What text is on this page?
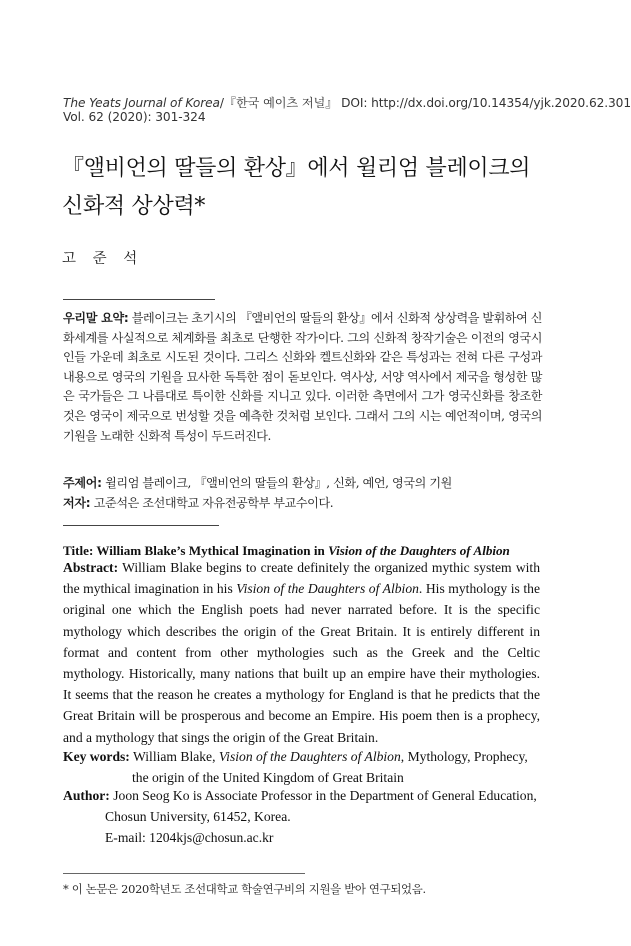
The Yeats Journal of Korea/『한국 예이츠 저널』 DOI: http://dx.doi.org/10.14354/yjk.2020.62.301
Vol. 62 (2020): 301-324
『앨비언의 딸들의 환상』에서 윌리엄 블레이크의
신화적 상상력*
고 준 석
우리말 요약: 블레이크는 초기시의 『앨비언의 딸들의 환상』에서 신화적 상상력을 발휘하여 신화세계를 사실적으로 체계화를 최초로 단행한 작가이다. 그의 신화적 창작기술은 이전의 영국시인들 가운데 최초로 시도된 것이다. 그리스 신화와 켈트신화와 같은 특성과는 전혀 다른 구성과 내용으로 영국의 기원을 묘사한 독특한 점이 돋보인다. 역사상, 서양 역사에서 제국을 형성한 많은 국가들은 그 나름대로 특이한 신화를 지니고 있다. 이러한 측면에서 그가 영국신화를 창조한 것은 영국이 제국으로 번성할 것을 예측한 것처럼 보인다. 그래서 그의 시는 예언적이며, 영국의 기원을 노래한 신화적 특성이 두드러진다.
주제어: 윌리엄 블레이크, 『앨비언의 딸들의 환상』, 신화, 예언, 영국의 기원
저자: 고준석은 조선대학교 자유전공학부 부교수이다.
Title: William Blake’s Mythical Imagination in Vision of the Daughters of Albion
Abstract: William Blake begins to create definitely the organized mythic system with the mythical imagination in his Vision of the Daughters of Albion. His mythology is the original one which the English poets had never narrated before. It is the specific mythology which describes the origin of the Great Britain. It is entirely different in format and content from other mythologies such as the Greek and the Celtic mythology. Historically, many nations that built up an empire have their mythologies. It seems that the reason he creates a mythology for England is that he predicts that the Great Britain will be prosperous and become an Empire. His poem then is a prophecy, and a mythology that sings the origin of the Great Britain.
Key words: William Blake, Vision of the Daughters of Albion, Mythology, Prophecy,
the origin of the United Kingdom of Great Britain
Author: Joon Seog Ko is Associate Professor in the Department of General Education,
Chosun University, 61452, Korea.
E-mail: 1204kjs@chosun.ac.kr
* 이 논문은 2020학년도 조선대학교 학술연구비의 지원을 받아 연구되었음.
